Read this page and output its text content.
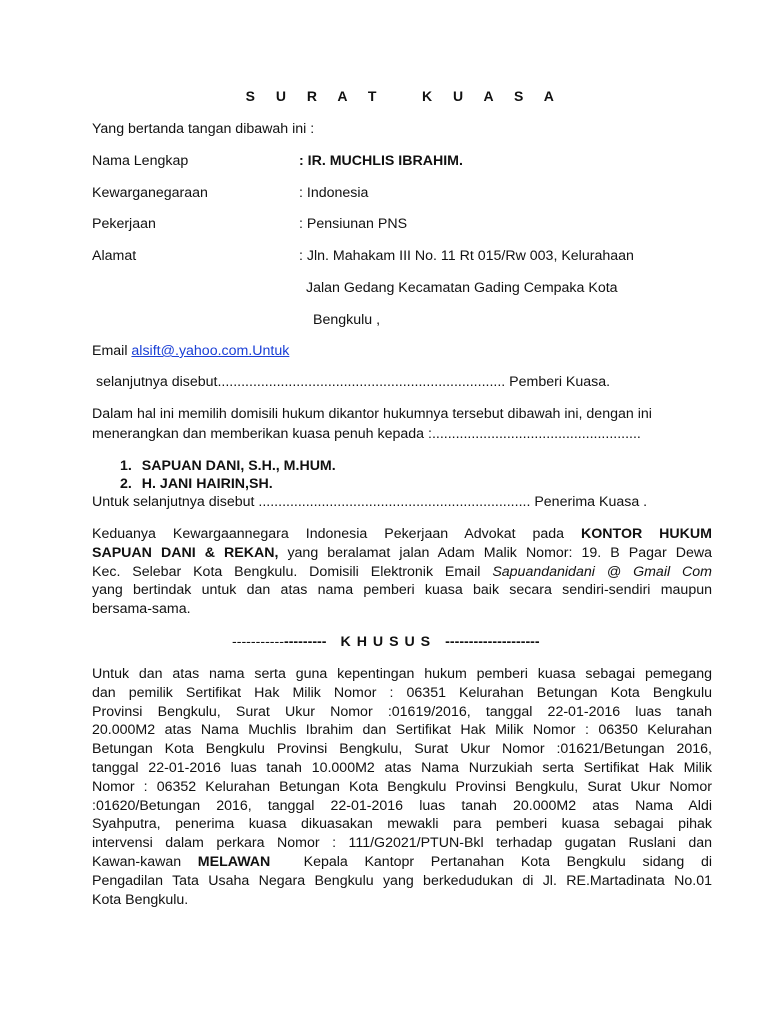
S U R A T   K U A S A
Yang bertanda tangan dibawah ini :
Nama Lengkap	: IR. MUCHLIS IBRAHIM.
Kewarganegaraan	: Indonesia
Pekerjaan	: Pensiunan PNS
Alamat	: Jln. Mahakam III No. 11 Rt 015/Rw 003, Kelurahaan
Jalan Gedang Kecamatan Gading Cempaka Kota
Bengkulu ,
Email alsift@.yahoo.com.Untuk
selanjutnya disebut......................................................................... Pemberi Kuasa.
Dalam hal ini memilih domisili hukum dikantor hukumnya tersebut dibawah ini, dengan ini
menerangkan dan memberikan kuasa penuh kepada :.....................................................
1. SAPUAN DANI, S.H., M.HUM.
2. H. JANI HAIRIN,SH.
Untuk selanjutnya disebut ..................................................................... Penerima Kuasa .
Keduanya Kewargaannegara Indonesia Pekerjaan Advokat pada KONTOR HUKUM
SAPUAN DANI & REKAN, yang beralamat jalan Adam Malik Nomor: 19. B Pagar Dewa
Kec. Selebar Kota Bengkulu. Domisili Elektronik Email Sapuandanidani @ Gmail Com
yang bertindak untuk dan atas nama pemberi kuasa baik secara sendiri-sendiri maupun
bersama-sama.
-------------------- K H U S U S --------------------
Untuk dan atas nama serta guna kepentingan hukum pemberi kuasa sebagai pemegang
dan pemilik Sertifikat Hak Milik Nomor : 06351 Kelurahan Betungan Kota Bengkulu
Provinsi Bengkulu, Surat Ukur Nomor :01619/2016, tanggal 22-01-2016 luas tanah
20.000M2 atas Nama Muchlis Ibrahim dan Sertifikat Hak Milik Nomor : 06350 Kelurahan
Betungan Kota Bengkulu Provinsi Bengkulu, Surat Ukur Nomor :01621/Betungan 2016,
tanggal 22-01-2016 luas tanah 10.000M2 atas Nama Nurzukiah serta Sertifikat Hak Milik
Nomor : 06352 Kelurahan Betungan Kota Bengkulu Provinsi Bengkulu, Surat Ukur Nomor
:01620/Betungan 2016, tanggal 22-01-2016 luas tanah 20.000M2 atas Nama Aldi
Syahputra, penerima kuasa dikuasakan mewakli para pemberi kuasa sebagai pihak
intervensi dalam perkara Nomor : 111/G2021/PTUN-Bkl terhadap gugatan Ruslani dan
Kawan-kawan MELAWAN  Kepala Kantopr Pertanahan Kota Bengkulu sidang di
Pengadilan Tata Usaha Negara Bengkulu yang berkedudukan di Jl. RE.Martadinata No.01
Kota Bengkulu.
